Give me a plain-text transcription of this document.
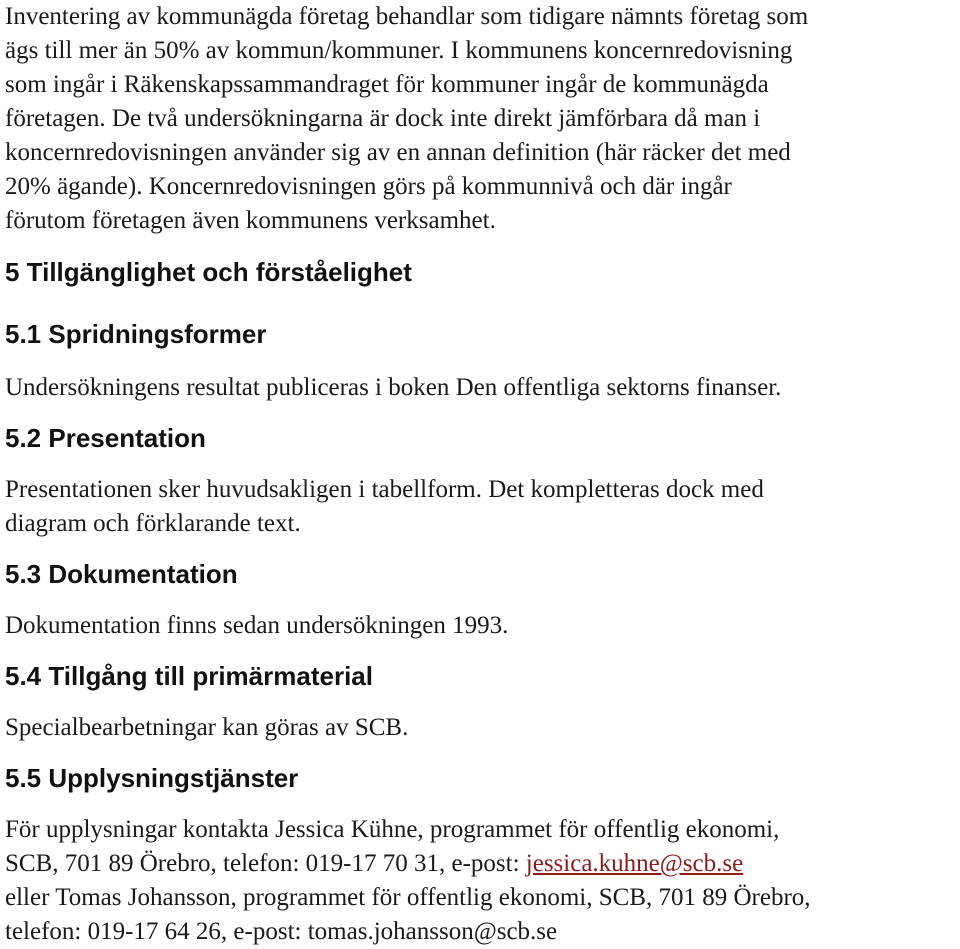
Inventering av kommunägda företag behandlar som tidigare nämnts företag som
ägs till mer än 50% av kommun/kommuner. I kommunens koncernredovisning
som ingår i Räkenskapssammandraget för kommuner ingår de kommunägda
företagen. De två undersökningarna är dock inte direkt jämförbara då man i
koncernredovisningen använder sig av en annan definition (här räcker det med
20% ägande). Koncernredovisningen görs på kommunnivå och där ingår
förutom företagen även kommunens verksamhet.

5 Tillgänglighet och förståelighet
5.1 Spridningsformer

Undersökningens resultat publiceras i boken Den offentliga sektorns finanser.

5.2 Presentation

Presentationen sker huvudsakligen i tabellform. Det kompletteras dock med
diagram och förklarande text.

5.3 Dokumentation

Dokumentation finns sedan undersökningen 1993.

5.4 Tillgång till primärmaterial

Specialbearbetningar kan göras av SCB.

5.5 Upplysningstjänster

För upplysningar kontakta Jessica Kühne, programmet för offentlig ekonomi,
SCB, 701 89 Örebro, telefon: 019-17 70 31, e-post: jessica.kuhne@scb.se
eller Tomas Johansson, programmet för offentlig ekonomi, SCB, 701 89 Örebro,
telefon: 019-17 64 26, e-post: tomas.johansson@scb.se
